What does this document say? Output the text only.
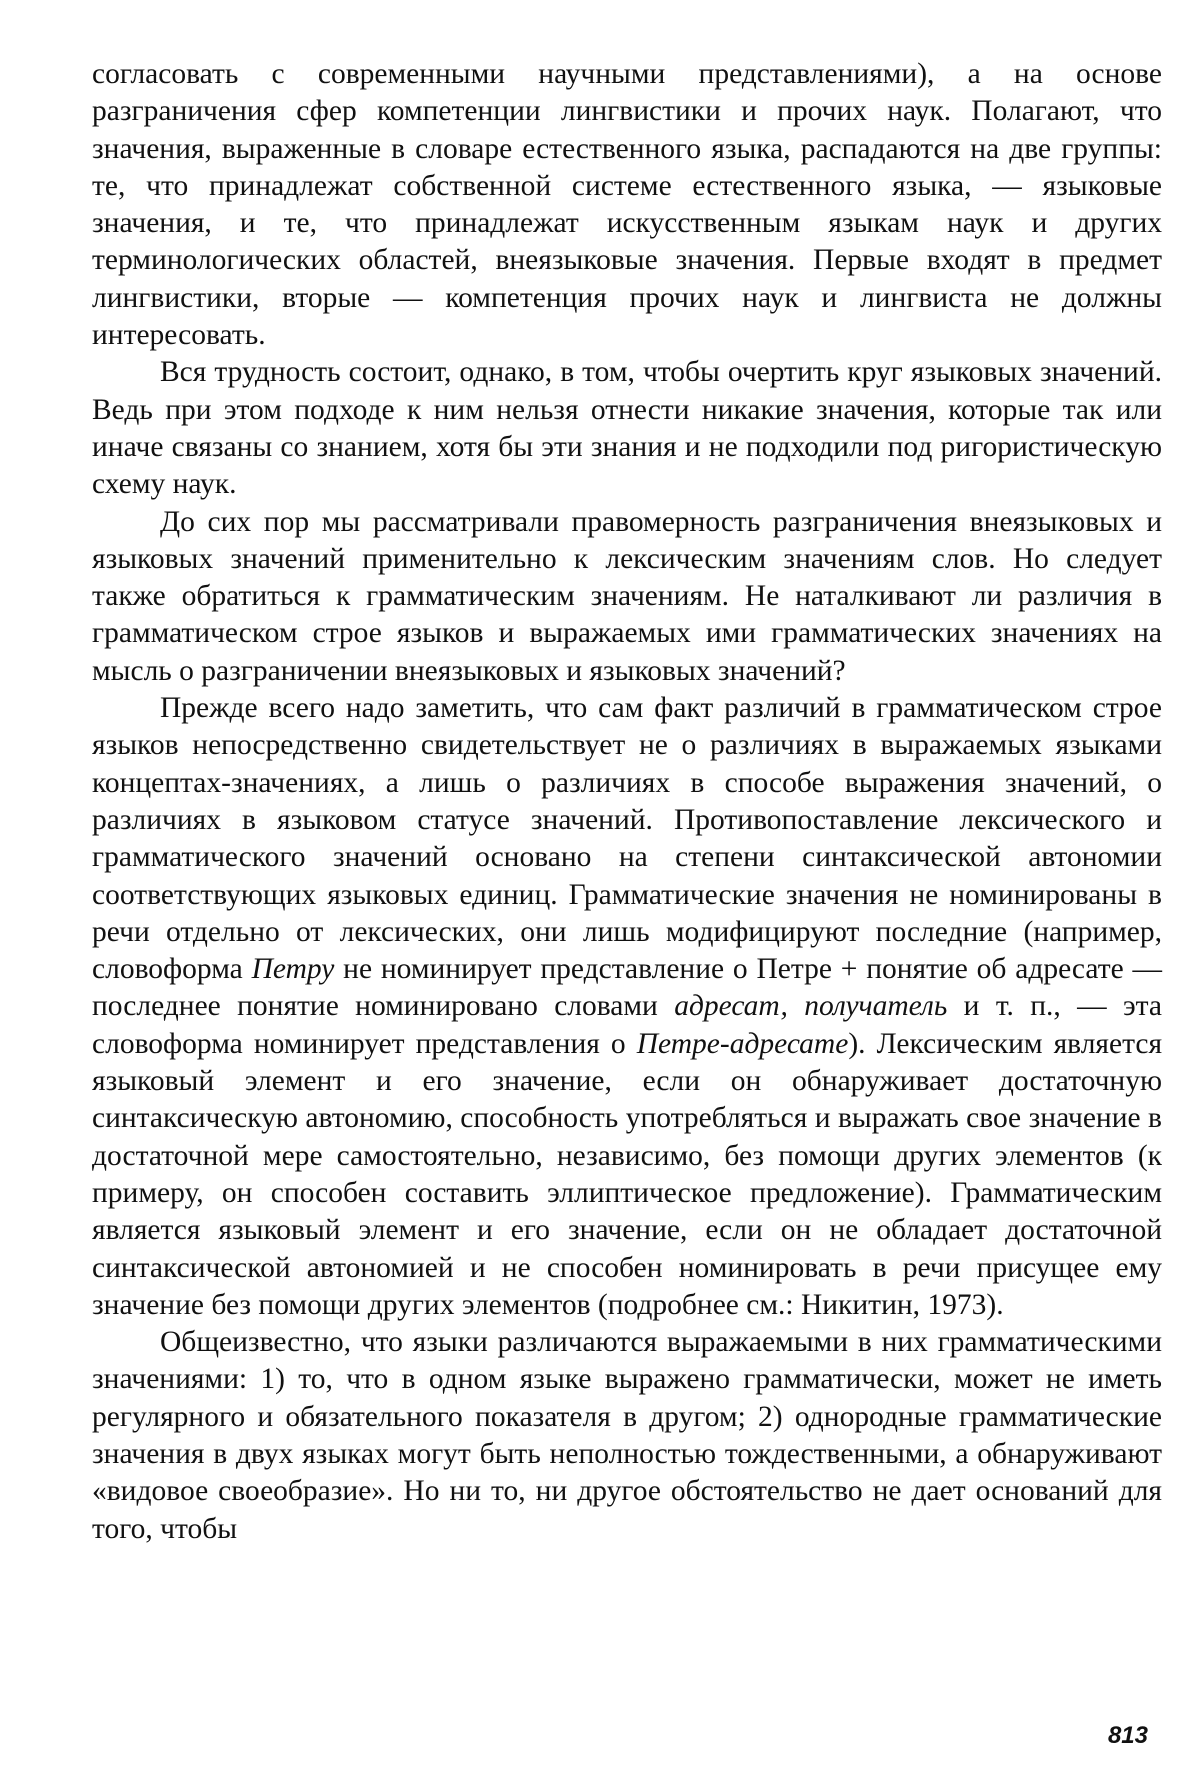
согласовать с современными научными представлениями), а на основе разграничения сфер компетенции лингвистики и прочих наук. Полагают, что значения, выраженные в словаре естественного языка, распадаются на две группы: те, что принадлежат собственной системе естественного языка, — языковые значения, и те, что принадлежат искусственным языкам наук и других терминологических областей, внеязыковые значения. Первые входят в предмет лингвистики, вторые — компетенция прочих наук и лингвиста не должны интересовать.

Вся трудность состоит, однако, в том, чтобы очертить круг языковых значений. Ведь при этом подходе к ним нельзя отнести никакие значения, которые так или иначе связаны со знанием, хотя бы эти знания и не подходили под ригористическую схему наук.

До сих пор мы рассматривали правомерность разграничения внеязыковых и языковых значений применительно к лексическим значениям слов. Но следует также обратиться к грамматическим значениям. Не наталкивают ли различия в грамматическом строе языков и выражаемых ими грамматических значениях на мысль о разграничении внеязыковых и языковых значений?

Прежде всего надо заметить, что сам факт различий в грамматическом строе языков непосредственно свидетельствует не о различиях в выражаемых языками концептах-значениях, а лишь о различиях в способе выражения значений, о различиях в языковом статусе значений. Противопоставление лексического и грамматического значений основано на степени синтаксической автономии соответствующих языковых единиц. Грамматические значения не номинированы в речи отдельно от лексических, они лишь модифицируют последние (например, словоформа Петру не номинирует представление о Петре + понятие об адресате — последнее понятие номинировано словами адресат, получатель и т. п., — эта словоформа номинирует представления о Петре-адресате). Лексическим является языковый элемент и его значение, если он обнаруживает достаточную синтаксическую автономию, способность употребляться и выражать свое значение в достаточной мере самостоятельно, независимо, без помощи других элементов (к примеру, он способен составить эллиптическое предложение). Грамматическим является языковый элемент и его значение, если он не обладает достаточной синтаксической автономией и не способен номинировать в речи присущее ему значение без помощи других элементов (подробнее см.: Никитин, 1973).

Общеизвестно, что языки различаются выражаемыми в них грамматическими значениями: 1) то, что в одном языке выражено грамматически, может не иметь регулярного и обязательного показателя в другом; 2) однородные грамматические значения в двух языках могут быть неполностью тождественными, а обнаруживают «видовое своеобразие». Но ни то, ни другое обстоятельство не дает оснований для того, чтобы

813
